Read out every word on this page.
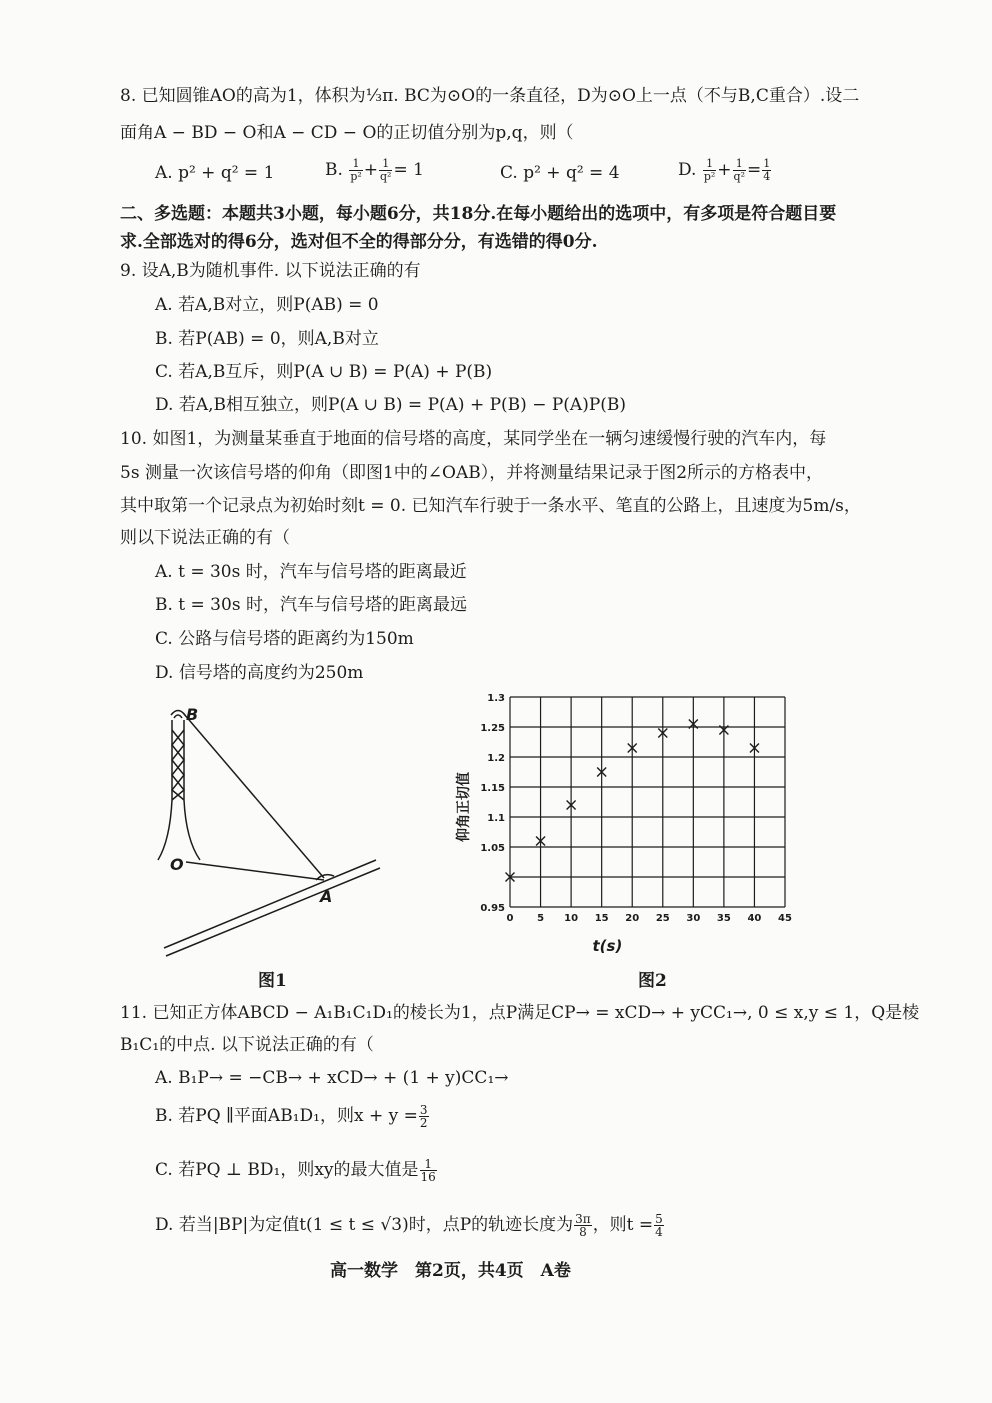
8. 已知圆锥AO的高为1，体积为⅓π. BC为⊙O的一条直径，D为⊙O上一点（不与B,C重合）.设二
面角A − BD − O和A − CD − O的正切值分别为p,q，则（
A. p² + q² = 1	B. $\frac{1}{\text{p²}} + \frac{1}{\text{q²}} = 1$	C. p² + q² = 4	D. $\frac{1}{\text{p²}} + \frac{1}{\text{q²}} = \frac{1}{4}$
二、多选题：本题共3小题，每小题6分，共18分.在每小题给出的选项中，有多项是符合题目要
求.全部选对的得6分，选对但不全的得部分分，有选错的得0分.
9. 设A,B为随机事件. 以下说法正确的有
A. 若A,B对立，则P(AB) = 0
B. 若P(AB) = 0，则A,B对立
C. 若A,B互斥，则P(A ∪ B) = P(A) + P(B)
D. 若A,B相互独立，则P(A ∪ B) = P(A) + P(B) − P(A)P(B)
10. 如图1，为测量某垂直于地面的信号塔的高度，某同学坐在一辆匀速缓慢行驶的汽车内，每
5s 测量一次该信号塔的仰角（即图1中的∠OAB），并将测量结果记录于图2所示的方格表中，
其中取第一个记录点为初始时刻t = 0. 已知汽车行驶于一条水平、笔直的公路上，且速度为5m/s，
则以下说法正确的有（
A. t = 30s 时，汽车与信号塔的距离最近
B. t = 30s 时，汽车与信号塔的距离最远
C. 公路与信号塔的距离约为150m
D. 信号塔的高度约为250m
B
O
A
图1
0 5 10 15 20 25 30 35 40 45
0.95
1.05
1.1
1.15
1.2
1.25
1.3
t(s)
仰角正切值
图2
11. 已知正方体ABCD − A₁B₁C₁D₁的棱长为1，点P满足CP→ = xCD→ + yCC₁→, 0 ≤ x,y ≤ 1，Q是棱
B₁C₁的中点. 以下说法正确的有（
A. B₁P→ = −CB→ + xCD→ + (1 + y)CC₁→
B. 若PQ ∥平面AB₁D₁，则$x + y = \frac{3}{2}$
C. 若PQ ⊥ BD₁，则xy的最大值是 $\frac{1}{16}$
D. 若当|BP|为定值t(1 ≤ t ≤ √3)时，点P的轨迹长度为 $\frac{3\pi}{8}$ ，则$t = \frac{5}{4}$
高一数学　第2页，共4页　A卷
